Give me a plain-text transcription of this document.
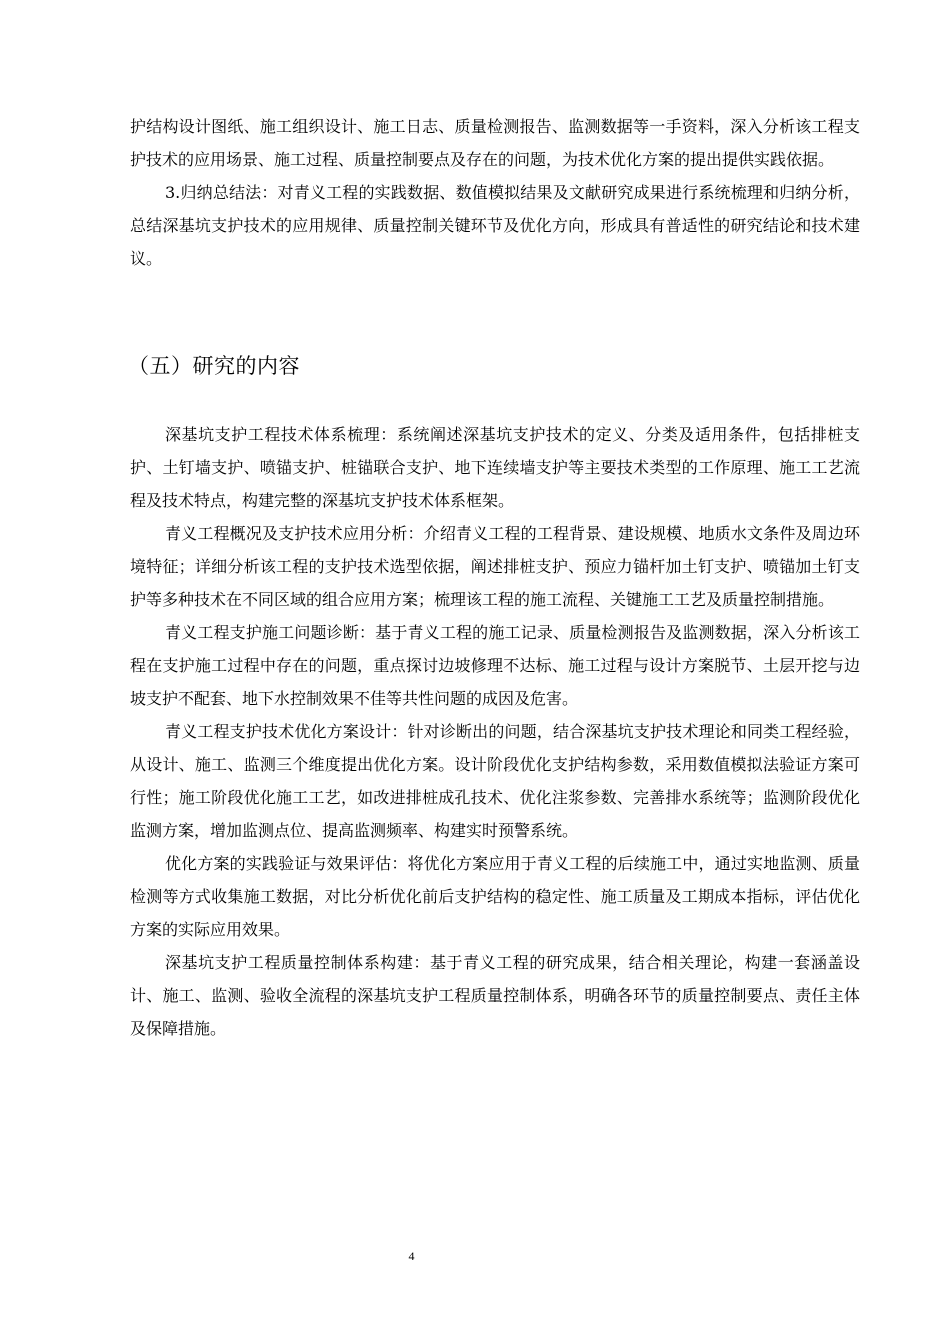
护结构设计图纸、施工组织设计、施工日志、质量检测报告、监测数据等一手资料，深入分析该工程支护技术的应用场景、施工过程、质量控制要点及存在的问题，为技术优化方案的提出提供实践依据。

3.归纳总结法：对青义工程的实践数据、数值模拟结果及文献研究成果进行系统梳理和归纳分析，总结深基坑支护技术的应用规律、质量控制关键环节及优化方向，形成具有普适性的研究结论和技术建议。

（五）研究的内容

深基坑支护工程技术体系梳理：系统阐述深基坑支护技术的定义、分类及适用条件，包括排桩支护、土钉墙支护、喷锚支护、桩锚联合支护、地下连续墙支护等主要技术类型的工作原理、施工工艺流程及技术特点，构建完整的深基坑支护技术体系框架。

青义工程概况及支护技术应用分析：介绍青义工程的工程背景、建设规模、地质水文条件及周边环境特征；详细分析该工程的支护技术选型依据，阐述排桩支护、预应力锚杆加土钉支护、喷锚加土钉支护等多种技术在不同区域的组合应用方案；梳理该工程的施工流程、关键施工工艺及质量控制措施。

青义工程支护施工问题诊断：基于青义工程的施工记录、质量检测报告及监测数据，深入分析该工程在支护施工过程中存在的问题，重点探讨边坡修理不达标、施工过程与设计方案脱节、土层开挖与边坡支护不配套、地下水控制效果不佳等共性问题的成因及危害。

青义工程支护技术优化方案设计：针对诊断出的问题，结合深基坑支护技术理论和同类工程经验，从设计、施工、监测三个维度提出优化方案。设计阶段优化支护结构参数，采用数值模拟法验证方案可行性；施工阶段优化施工工艺，如改进排桩成孔技术、优化注浆参数、完善排水系统等；监测阶段优化监测方案，增加监测点位、提高监测频率、构建实时预警系统。

优化方案的实践验证与效果评估：将优化方案应用于青义工程的后续施工中，通过实地监测、质量检测等方式收集施工数据，对比分析优化前后支护结构的稳定性、施工质量及工期成本指标，评估优化方案的实际应用效果。

深基坑支护工程质量控制体系构建：基于青义工程的研究成果，结合相关理论，构建一套涵盖设计、施工、监测、验收全流程的深基坑支护工程质量控制体系，明确各环节的质量控制要点、责任主体及保障措施。

4
